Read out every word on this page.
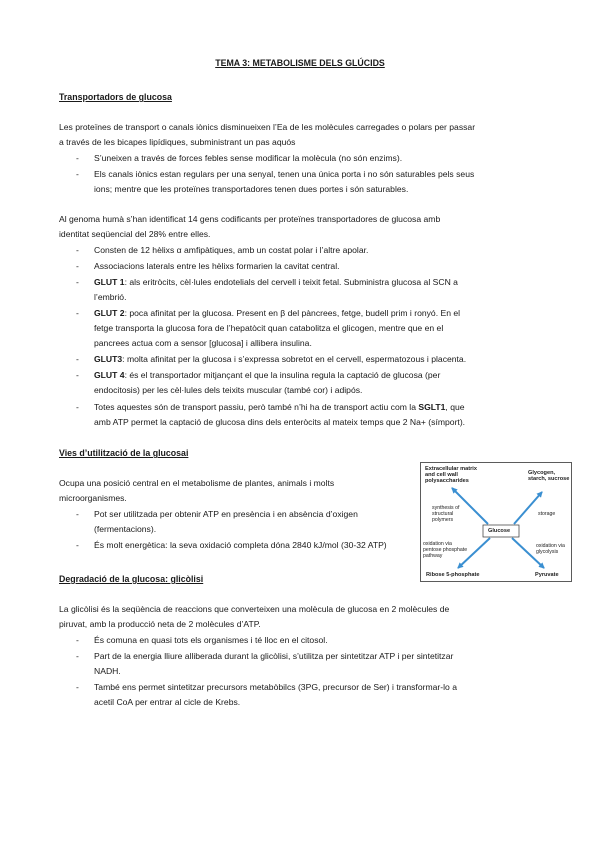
TEMA 3: METABOLISME DELS GLÚCIDS
Transportadors de glucosa
Les proteïnes de transport o canals iònics disminueixen l’Ea de les molècules carregades o polars per passar
a través de les bicapes lipídiques, subministrant un pas aquós
- S’uneixen a través de forces febles sense modificar la molècula (no són enzims).
- Els canals iònics estan regulars per una senyal, tenen una única porta i no són saturables pels seus
ions; mentre que les proteïnes transportadores tenen dues portes i són saturables.
Al genoma humà s’han identificat 14 gens codificants per proteïnes transportadores de glucosa amb
identitat seqüencial del 28% entre elles.
- Consten de 12 hèlixs α amfipàtiques, amb un costat polar i l’altre apolar.
- Associacions laterals entre les hèlixs formarien la cavitat central.
- GLUT 1: als eritròcits, cèl·lules endotelials del cervell i teixit fetal. Subministra glucosa al SCN a
l’embrió.
- GLUT 2: poca afinitat per la glucosa. Present en β del pàncrees, fetge, budell prim i ronyó. En el
fetge transporta la glucosa fora de l’hepatòcit quan catabolitza el glicogen, mentre que en el
pancrees actua com a sensor [glucosa] i allibera insulina.
- GLUT3: molta afinitat per la glucosa i s’expressa sobretot en el cervell, espermatozous i placenta.
- GLUT 4: és el transportador mitjançant el que la insulina regula la captació de glucosa (per
endocitosis) per les cèl·lules dels teixits muscular (també cor) i adipós.
- Totes aquestes són de transport passiu, però també n’hi ha de transport actiu com la SGLT1, que
amb ATP permet la captació de glucosa dins dels enteròcits al mateix temps que 2 Na+ (símport).
Vies d’utilització de la glucosai
Ocupa una posició central en el metabolisme de plantes, animals i molts
microorganismes.
- Pot ser utilitzada per obtenir ATP en presència i en absència d’oxigen
(fermentacions).
- És molt energètica: la seva oxidació completa dóna 2840 kJ/mol (30-32 ATP)
Glucose
Extracellular matrix
and cell wall
polysaccharides
Glycogen,
starch, sucrose
synthesis of
structural
polymers
storage
oxidation via
pentose phosphate
pathway
oxidation via
glycolysis
Ribose 5-phosphate	Pyruvate
Degradació de la glucosa: glicòlisi
La glicòlisi és la seqüència de reaccions que converteixen una molècula de glucosa en 2 molècules de
piruvat, amb la producció neta de 2 molècules d’ATP.
- És comuna en quasi tots els organismes i té lloc en el citosol.
- Part de la energia lliure alliberada durant la glicòlisi, s’utilitza per sintetitzar ATP i per sintetitzar
NADH.
- També ens permet sintetitzar precursors metabòbilcs (3PG, precursor de Ser) i transformar-lo a
acetil CoA per entrar al cicle de Krebs.
